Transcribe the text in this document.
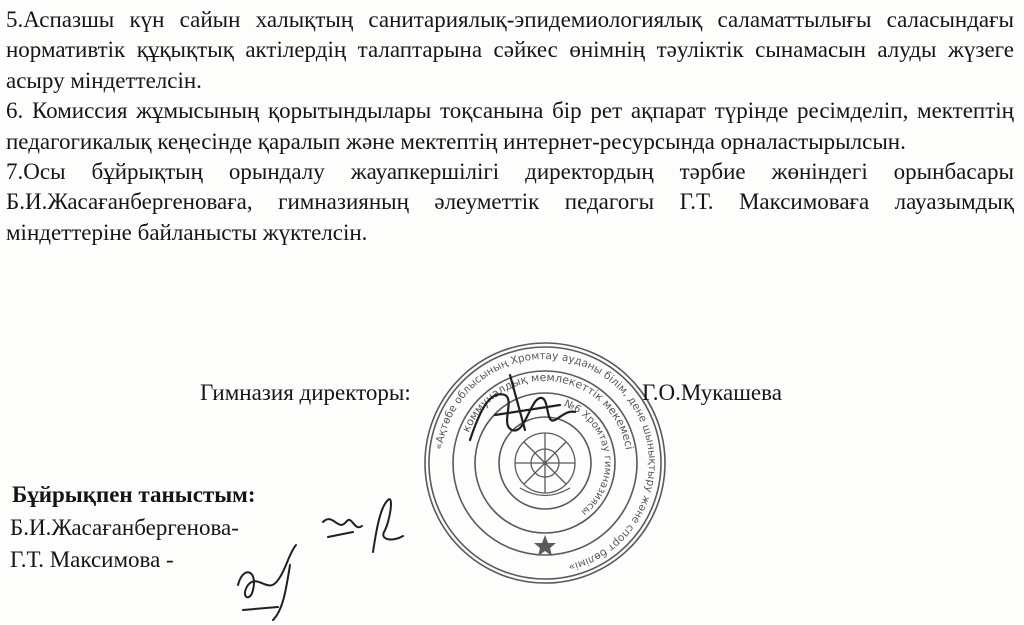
5.Аспазшы күн сайын халықтың санитариялық-эпидемиологиялық саламаттылығы саласындағы нормативтік құқықтық актілердің талаптарына сәйкес өнімнің тәуліктік сынамасын алуды жүзеге асыру міндеттелсін.

6. Комиссия жұмысының қорытындылары тоқсанына бір рет ақпарат түрінде ресімделіп, мектептің педагогикалық кеңесінде қаралып және мектептің интернет-ресурсында орналастырылсын.

7.Осы бұйрықтың орындалу жауапкершілігі директордың тәрбие жөніндегі орынбасары Б.И.Жасағанбергеноваға, гимназияның әлеуметтік педагогы Г.Т. Максимоваға лауазымдық міндеттеріне байланысты жүктелсін.

«Ақтөбе облысының Хромтау ауданы білім, дене шынықтыру және спорт бөлімі»
коммуналдық мемлекеттік мекемесі
№6 Хромтау гимназиясы
Гимназия директоры:	Г.О.Мукашева
Бұйрықпен таныстым:
Б.И.Жасағанбергенова-
Г.Т. Максимова -
